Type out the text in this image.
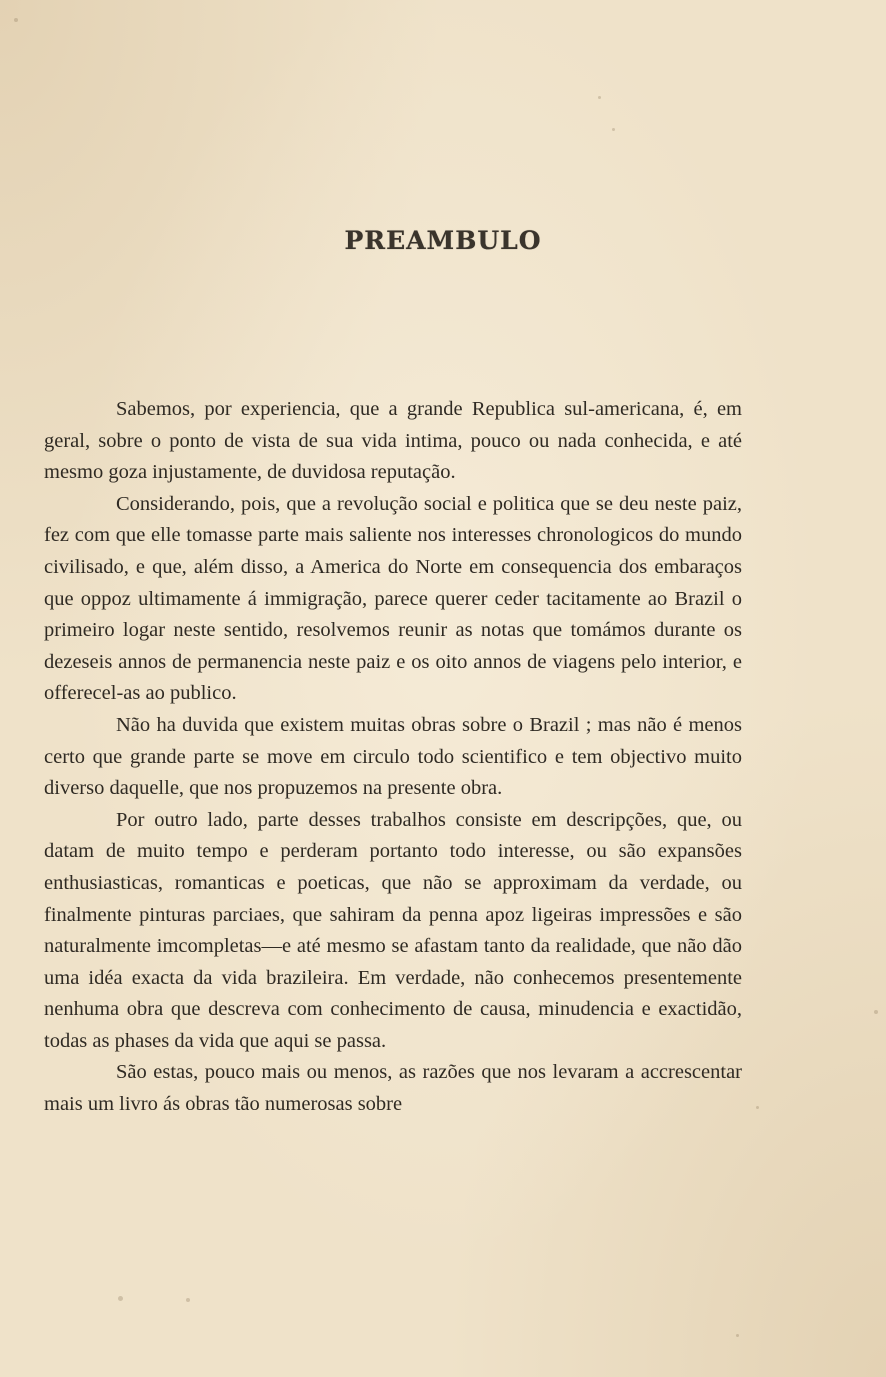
PREAMBULO

Sabemos, por experiencia, que a grande Republica sul-americana, é, em geral, sobre o ponto de vista de sua vida intima, pouco ou nada conhecida, e até mesmo goza injustamente, de duvidosa reputação.

Considerando, pois, que a revolução social e politica que se deu neste paiz, fez com que elle tomasse parte mais saliente nos interesses chronologicos do mundo civilisado, e que, além disso, a America do Norte em consequencia dos embaraços que oppoz ultimamente á immigração, parece querer ceder tacitamente ao Brazil o primeiro logar neste sentido, resolvemos reunir as notas que tomámos durante os dezeseis annos de permanencia neste paiz e os oito annos de viagens pelo interior, e offerecel-as ao publico.

Não ha duvida que existem muitas obras sobre o Brazil ; mas não é menos certo que grande parte se move em circulo todo scientifico e tem objectivo muito diverso daquelle, que nos propuzemos na presente obra.

Por outro lado, parte desses trabalhos consiste em descripções, que, ou datam de muito tempo e perderam portanto todo interesse, ou são expansões enthusiasticas, romanticas e poeticas, que não se approximam da verdade, ou finalmente pinturas parciaes, que sahiram da penna apoz ligeiras impressões e são naturalmente imcompletas—e até mesmo se afastam tanto da realidade, que não dão uma idéa exacta da vida brazileira. Em verdade, não conhecemos presentemente nenhuma obra que descreva com conhecimento de causa, minudencia e exactidão, todas as phases da vida que aqui se passa.

São estas, pouco mais ou menos, as razões que nos levaram a accrescentar mais um livro ás obras tão numerosas sobre
